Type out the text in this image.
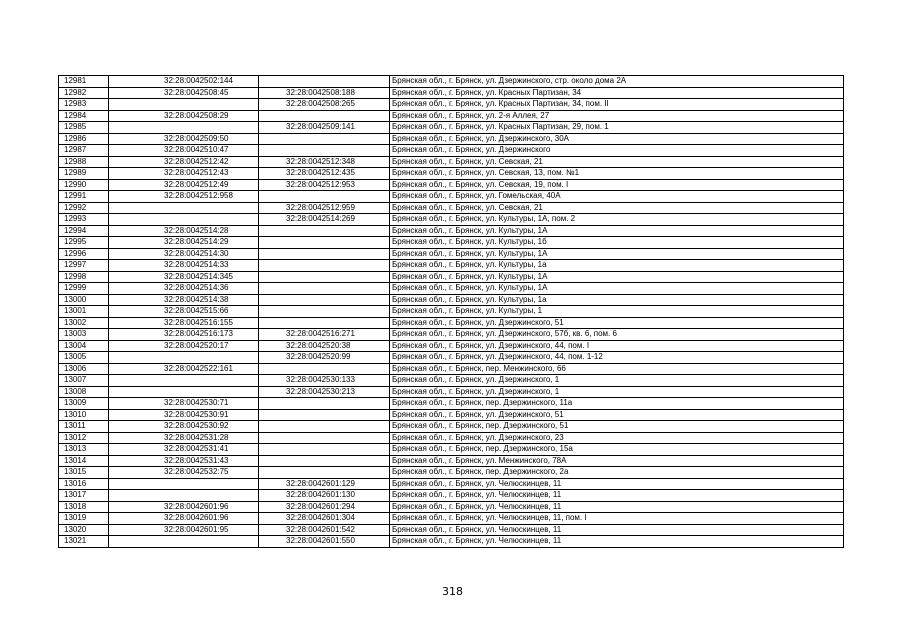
12981	32:28:0042502:144		Брянская обл., г. Брянск, ул. Дзержинского, стр. около дома 2А
12982	32:28:0042508:45	32:28:0042508:188	Брянская обл., г. Брянск, ул. Красных Партизан, 34
12983		32:28:0042508:265	Брянская обл., г. Брянск, ул. Красных Партизан, 34, пом. II
12984	32:28:0042508:29		Брянская обл., г. Брянск, ул. 2-я Аллея, 27
12985		32:28:0042509:141	Брянская обл., г. Брянск, ул. Красных Партизан, 29, пом. 1
12986	32:28:0042509:50		Брянская обл., г. Брянск, ул. Дзержинского, 30А
12987	32:28:0042510:47		Брянская обл., г. Брянск, ул. Дзержинского
12988	32:28:0042512:42	32:28:0042512:348	Брянская обл., г. Брянск, ул. Севская, 21
12989	32:28:0042512:43	32:28:0042512:435	Брянская обл., г. Брянск, ул. Севская, 13, пом. №1
12990	32:28:0042512:49	32:28:0042512:953	Брянская обл., г. Брянск, ул. Севская, 19, пом. I
12991	32:28:0042512:958		Брянская обл., г. Брянск, ул. Гомельская, 40А
12992		32:28:0042512:959	Брянская обл., г. Брянск, ул. Севская, 21
12993		32:28:0042514:269	Брянская обл., г. Брянск, ул. Культуры, 1А, пом. 2
12994	32:28:0042514:28		Брянская обл., г. Брянск, ул. Культуры, 1А
12995	32:28:0042514:29		Брянская обл., г. Брянск, ул. Культуры, 1б
12996	32:28:0042514:30		Брянская обл., г. Брянск, ул. Культуры, 1А
12997	32:28:0042514:33		Брянская обл., г. Брянск, ул. Культуры, 1а
12998	32:28:0042514:345		Брянская обл., г. Брянск, ул. Культуры, 1А
12999	32:28:0042514:36		Брянская обл., г. Брянск, ул. Культуры, 1А
13000	32:28:0042514:38		Брянская обл., г. Брянск, ул. Культуры, 1а
13001	32:28:0042515:66		Брянская обл., г. Брянск, ул. Культуры, 1
13002	32:28:0042516:155		Брянская обл., г. Брянск, ул. Дзержинского, 51
13003	32:28:0042516:173	32:28:0042516:271	Брянская обл., г. Брянск, ул. Дзержинского, 57б, кв. 6, пом. 6
13004	32:28:0042520:17	32:28:0042520:38	Брянская обл., г. Брянск, ул. Дзержинского, 44, пом. I
13005		32:28:0042520:99	Брянская обл., г. Брянск, ул. Дзержинского, 44, пом. 1-12
13006	32:28:0042522:161		Брянская обл., г. Брянск, пер. Менжинского, 66
13007		32:28:0042530:133	Брянская обл., г. Брянск, ул. Дзержинского, 1
13008		32:28:0042530:213	Брянская обл., г. Брянск, ул. Дзержинского, 1
13009	32:28:0042530:71		Брянская обл., г. Брянск, пер. Дзержинского, 11а
13010	32:28:0042530:91		Брянская обл., г. Брянск, ул. Дзержинского, 51
13011	32:28:0042530:92		Брянская обл., г. Брянск, пер. Дзержинского, 51
13012	32:28:0042531:28		Брянская обл., г. Брянск, ул. Дзержинского, 23
13013	32:28:0042531:41		Брянская обл., г. Брянск, пер. Дзержинского, 15а
13014	32:28:0042531:43		Брянская обл., г. Брянск, ул. Менжинского, 78А
13015	32:28:0042532:75		Брянская обл., г. Брянск, пер. Дзержинского, 2а
13016		32:28:0042601:129	Брянская обл., г. Брянск, ул. Челюскинцев, 11
13017		32:28:0042601:130	Брянская обл., г. Брянск, ул. Челюскинцев, 11
13018	32:28:0042601:96	32:28:0042601:294	Брянская обл., г. Брянск, ул. Челюскинцев, 11
13019	32:28:0042601:96	32:28:0042601:304	Брянская обл., г. Брянск, ул. Челюскинцев, 11, пом. I
13020	32:28:0042601:95	32:28:0042601:542	Брянская обл., г. Брянск, ул. Челюскинцев, 11
13021		32:28:0042601:550	Брянская обл., г. Брянск, ул. Челюскинцев, 11
318
